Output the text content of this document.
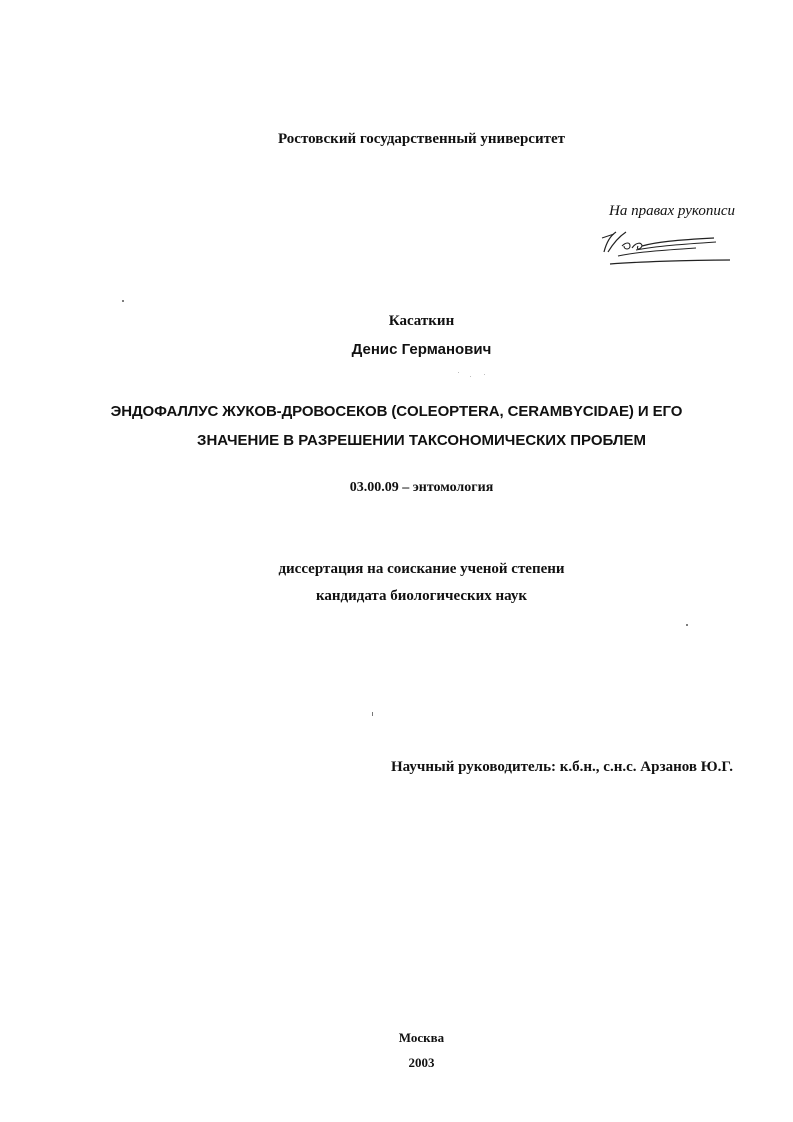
Ростовский государственный университет
На правах рукописи
Касаткин
Денис Германович
ЭНДОФАЛЛУС ЖУКОВ-ДРОВОСЕКОВ (COLEOPTERA, CERAMBYCIDAE) И ЕГО
ЗНАЧЕНИЕ В РАЗРЕШЕНИИ ТАКСОНОМИЧЕСКИХ ПРОБЛЕМ
03.00.09 – энтомология
диссертация на соискание ученой степени
кандидата биологических наук
Научный руководитель: к.б.н., с.н.с. Арзанов Ю.Г.
Москва
2003
